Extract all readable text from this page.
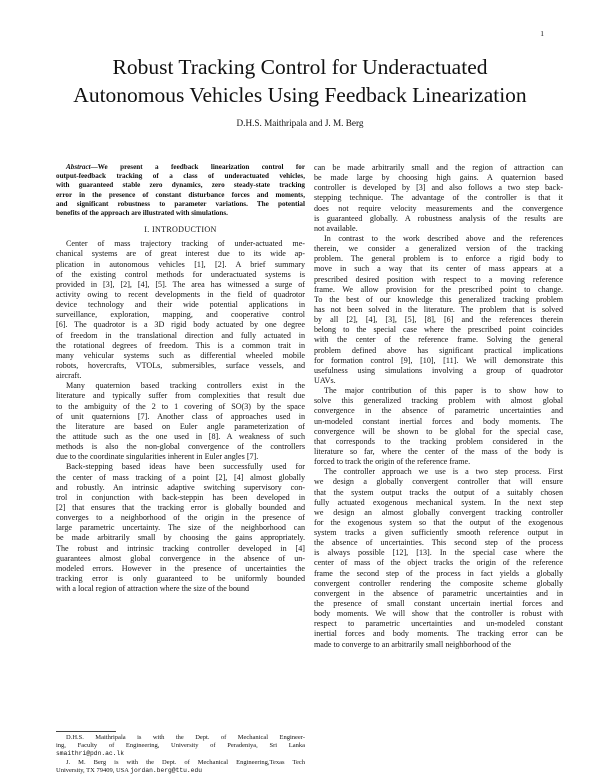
1
Robust Tracking Control for Underactuated
Autonomous Vehicles Using Feedback Linearization
D.H.S. Maithripala and J. M. Berg
Abstract—We present a feedback linearization control for
output-feedback tracking of a class of underactuated vehicles,
with guaranteed stable zero dynamics, zero steady-state tracking
error in the presence of constant disturbance forces and moments,
and significant robustness to parameter variations. The potential
benefits of the approach are illustrated with simulations.
I. INTRODUCTION
Center of mass trajectory tracking of under-actuated me-
chanical systems are of great interest due to its wide ap-
plication in autonomous vehicles [1], [2]. A brief summary
of the existing control methods for underactuated systems is
provided in [3], [2], [4], [5]. The area has witnessed a surge of
activity owing to recent developments in the field of quadrotor
device technology and their wide potential applications in
surveillance, exploration, mapping, and cooperative control
[6]. The quadrotor is a 3D rigid body actuated by one degree
of freedom in the translational direction and fully actuated in
the rotational degrees of freedom. This is a common trait in
many vehicular systems such as differential wheeled mobile
robots, hovercrafts, VTOLs, submersibles, surface vessels, and
aircraft.
Many quaternion based tracking controllers exist in the
literature and typically suffer from complexities that result due
to the ambiguity of the 2 to 1 covering of SO(3) by the space
of unit quaternions [7]. Another class of approaches used in
the literature are based on Euler angle parameterization of
the attitude such as the one used in [8]. A weakness of such
methods is also the non-global convergence of the controllers
due to the coordinate singularities inherent in Euler angles [7].
Back-stepping based ideas have been successfully used for
the center of mass tracking of a point [2], [4] almost globally
and robustly. An intrinsic adaptive switching supervisory con-
trol in conjunction with back-steppin has been developed in
[2] that ensures that the tracking error is globally bounded and
converges to a neighborhood of the origin in the presence of
large parametric uncertainty. The size of the neighborhood can
be made arbitrarily small by choosing the gains appropriately.
The robust and intrinsic tracking controller developed in [4]
guarantees almost global convergence in the absence of un-
modeled errors. However in the presence of uncertainties the
tracking error is only guaranteed to be uniformly bounded
with a local region of attraction where the size of the bound
can be made arbitrarily small and the region of attraction can
be made large by choosing high gains. A quaternion based
controller is developed by [3] and also follows a two step back-
stepping technique. The advantage of the controller is that it
does not require velocity measurements and the convergence
is guaranteed globally. A robustness analysis of the results are
not available.
In contrast to the work described above and the references
therein, we consider a generalized version of the tracking
problem. The general problem is to enforce a rigid body to
move in such a way that its center of mass appears at a
prescribed desired position with respect to a moving reference
frame. We allow provision for the prescribed point to change.
To the best of our knowledge this generalized tracking problem
has not been solved in the literature. The problem that is solved
by all [2], [4], [3], [5], [8], [6] and the references therein
belong to the special case where the prescribed point coincides
with the center of the reference frame. Solving the general
problem defined above has significant practical implications
for formation control [9], [10], [11]. We will demonstrate this
usefulness using simulations involving a group of quadrotor
UAVs.
The major contribution of this paper is to show how to
solve this generalized tracking problem with almost global
convergence in the absence of parametric uncertainties and
un-modeled constant inertial forces and body moments. The
convergence will be shown to be global for the special case,
that corresponds to the tracking problem considered in the
literature so far, where the center of the mass of the body is
forced to track the origin of the reference frame.
The controller approach we use is a two step process. First
we design a globally convergent controller that will ensure
that the system output tracks the output of a suitably chosen
fully actuated exogenous mechanical system. In the next step
we design an almost globally convergent tracking controller
for the exogenous system so that the output of the exogenous
system tracks a given sufficiently smooth reference output in
the absence of uncertainties. This second step of the process
is always possible [12], [13]. In the special case where the
center of mass of the object tracks the origin of the reference
frame the second step of the process in fact yields a globally
convergent controller rendering the composite scheme globally
convergent in the absence of parametric uncertainties and in
the presence of small constant uncertain inertial forces and
body moments. We will show that the controller is robust with
respect to parametric uncertainties and un-modeled constant
inertial forces and body moments. The tracking error can be
made to converge to an arbitrarily small neighborhood of the
D.H.S. Maithripala is with the Dept. of Mechanical Engineer-
ing, Faculty of Engineering, University of Peradeniya, Sri Lanka
smaithri@pdn.ac.lk
J. M. Berg is with the Dept. of Mechanical Engineering,Texas Tech
University, TX 79409, USA jordan.berg@ttu.edu
